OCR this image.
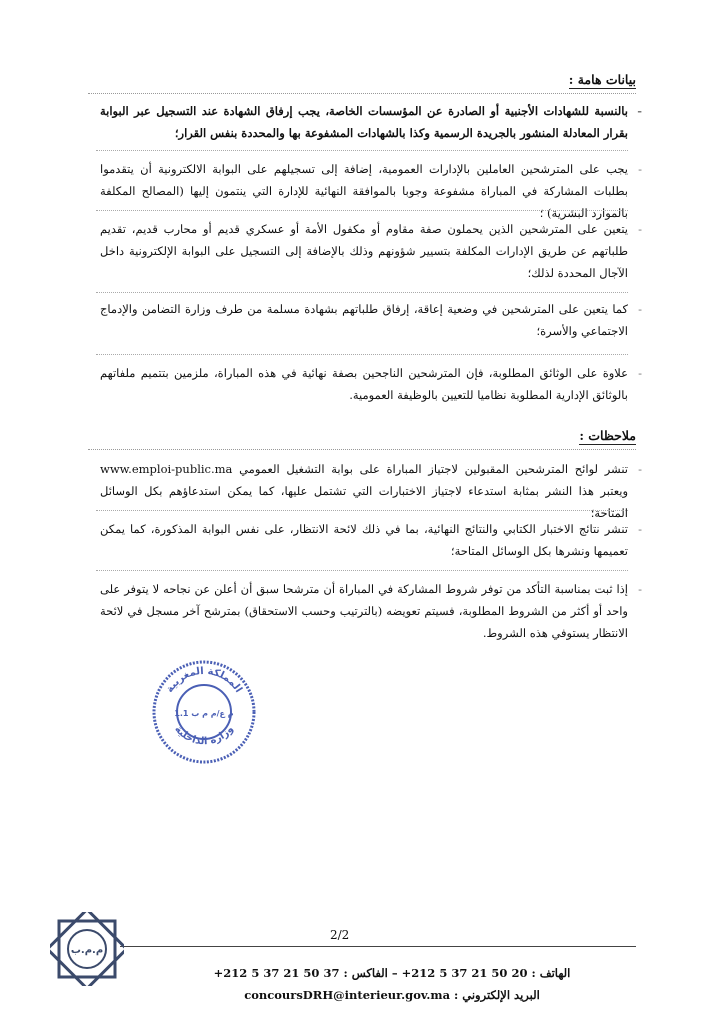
بيانات هامة :
-
بالنسبة للشهادات الأجنبية أو الصادرة عن المؤسسات الخاصة، يجب إرفاق الشهادة عند التسجيل عبر البوابة بقرار المعادلة المنشور بالجريدة الرسمية وكذا بالشهادات المشفوعة بها والمحددة بنفس القرار؛
-
يجب على المترشحين العاملين بالإدارات العمومية، إضافة إلى تسجيلهم على البوابة الالكترونية أن يتقدموا بطلبات المشاركة في المباراة مشفوعة وجوبا بالموافقة النهائية للإدارة التي ينتمون إليها (المصالح المكلفة بالموارد البشرية) ؛
-
يتعين على المترشحين الذين يحملون صفة مقاوم أو مكفول الأمة أو عسكري قديم أو محارب قديم، تقديم طلباتهم عن طريق الإدارات المكلفة بتسيير شؤونهم وذلك بالإضافة إلى التسجيل على البوابة الإلكترونية داخل الآجال المحددة لذلك؛
-
كما يتعين على المترشحين في وضعية إعاقة، إرفاق طلباتهم بشهادة مسلمة من طرف وزارة التضامن والإدماج الاجتماعي والأسرة؛
-
علاوة على الوثائق المطلوبة، فإن المترشحين الناجحين بصفة نهائية في هذه المباراة، ملزمين بتتميم ملفاتهم بالوثائق الإدارية المطلوبة نظاميا للتعيين بالوظيفة العمومية.
ملاحظات :
-
تنشر لوائح المترشحين المقبولين لاجتياز المباراة على بوابة التشغيل العمومي www.emploi-public.ma ويعتبر هذا النشر بمثابة استدعاء لاجتياز الاختبارات التي تشتمل عليها، كما يمكن استدعاؤهم بكل الوسائل المتاحة؛
-
تنشر نتائج الاختبار الكتابي والنتائج النهائية، بما في ذلك لائحة الانتظار، على نفس البوابة المذكورة، كما يمكن تعميمها ونشرها بكل الوسائل المتاحة؛
-
إذا ثبت بمناسبة التأكد من توفر شروط المشاركة في المباراة أن مترشحا سبق أن أعلن عن نجاحه لا يتوفر على واحد أو أكثر من الشروط المطلوبة، فسيتم تعويضه (بالترتيب وحسب الاستحقاق) بمترشح آخر مسجل في لائحة الانتظار يستوفي هذه الشروط.
المملكة المغربية
وزارة الداخلية
م ع/م م ب 1.1
2/2
م.م.ب
الهاتف : 20 50 21 37 5 212+ – الفاكس : 37 50 21 37 5 212+
البريد الإلكتروني : concoursDRH@interieur.gov.ma
